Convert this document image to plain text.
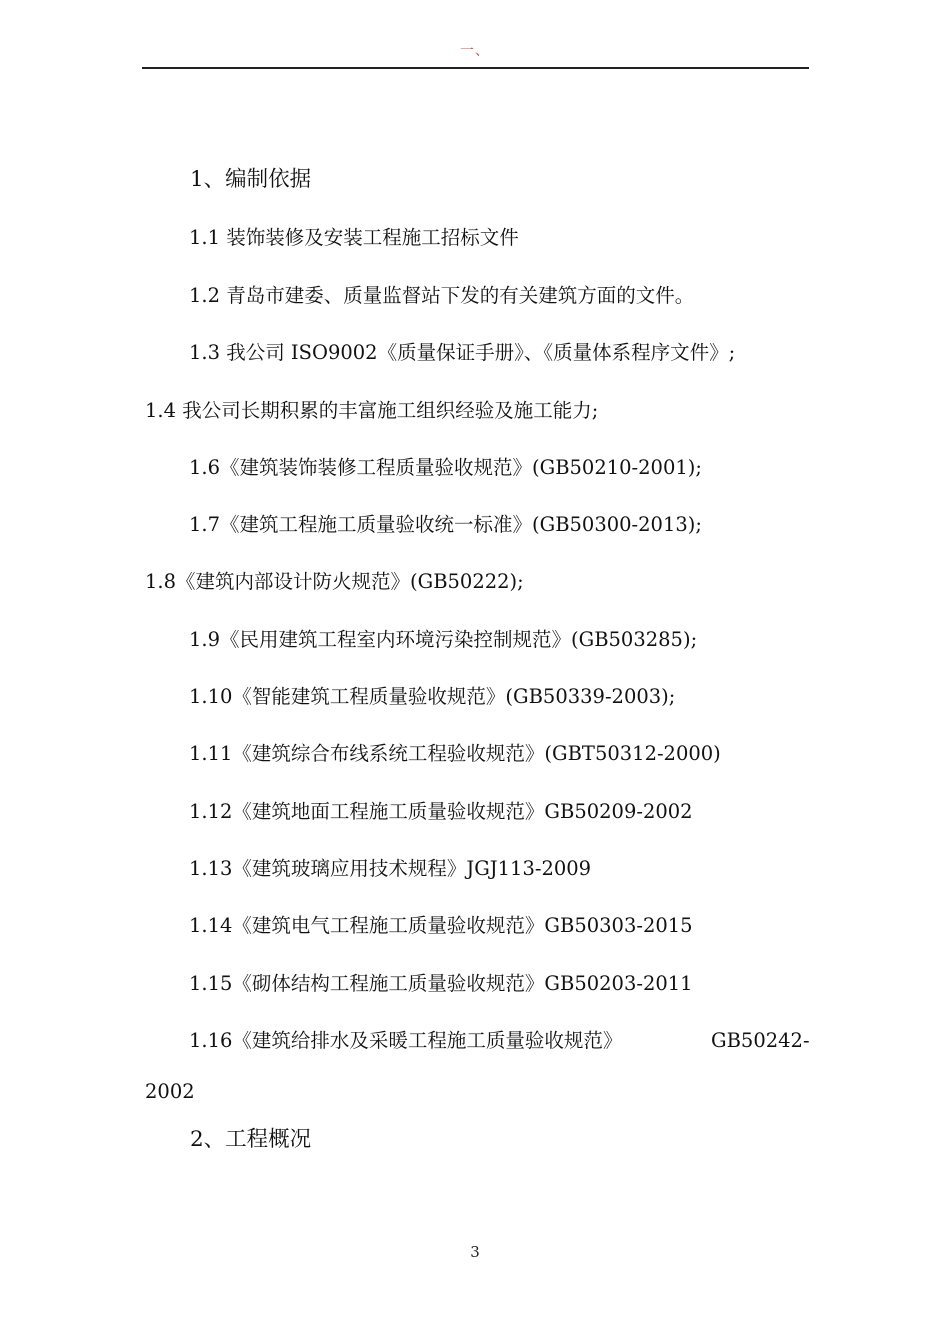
一、
1、编制依据
1.1 装饰装修及安装工程施工招标文件
1.2 青岛市建委、质量监督站下发的有关建筑方面的文件。
1.3 我公司 ISO9002《质量保证手册》、《质量体系程序文件》;
1.4 我公司长期积累的丰富施工组织经验及施工能力;
1.6《建筑装饰装修工程质量验收规范》(GB50210-2001);
1.7《建筑工程施工质量验收统一标准》(GB50300-2013);
1.8《建筑内部设计防火规范》(GB50222);
1.9《民用建筑工程室内环境污染控制规范》(GB503285);
1.10《智能建筑工程质量验收规范》(GB50339-2003);
1.11《建筑综合布线系统工程验收规范》(GBT50312-2000)
1.12《建筑地面工程施工质量验收规范》GB50209-2002
1.13《建筑玻璃应用技术规程》JGJ113-2009
1.14《建筑电气工程施工质量验收规范》GB50303-2015
1.15《砌体结构工程施工质量验收规范》GB50203-2011
1.16《建筑给排水及采暖工程施工质量验收规范》	GB50242-
2002
2、工程概况
3
